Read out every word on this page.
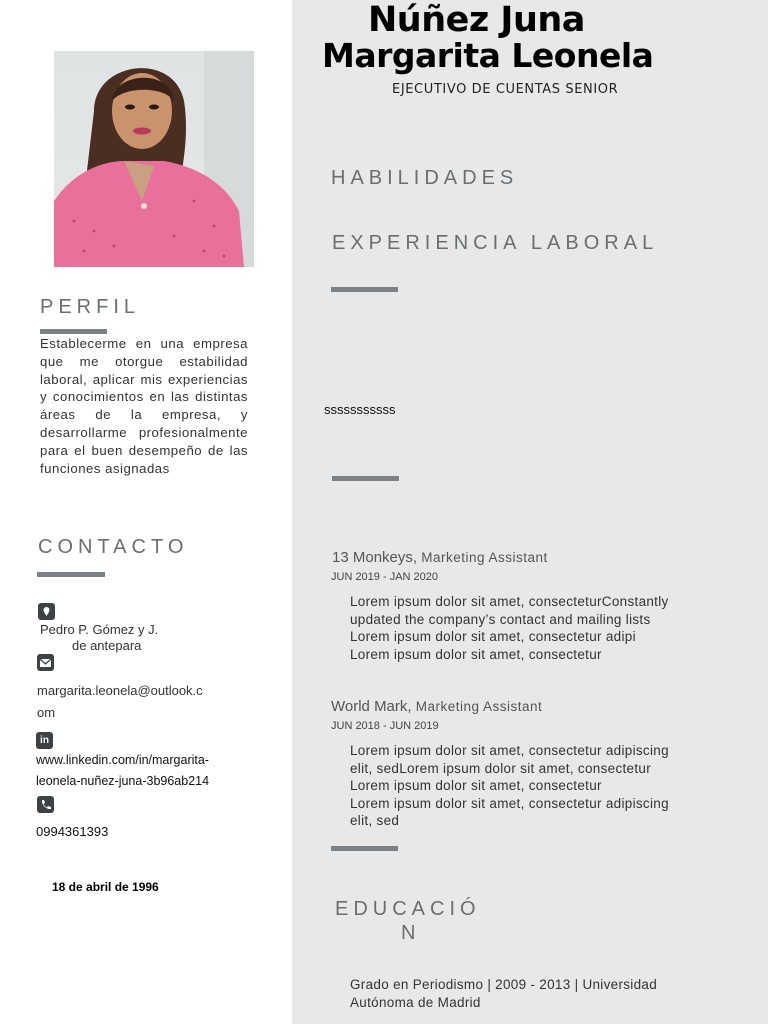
Núñez Juna
Margarita Leonela
EJECUTIVO DE CUENTAS SENIOR
PERFIL
Establecerme en una empresa que me otorgue estabilidad laboral, aplicar mis experiencias y conocimientos en las distintas áreas de la empresa, y desarrollarme profesionalmente para el buen desempeño de las funciones asignadas
CONTACTO
Pedro P. Gómez y J.
de antepara
margarita.leonela@outlook.c
om
in
www.linkedin.com/in/margarita-
leonela-nuñez-juna-3b96ab214
0994361393
18 de abril de 1996
HABILIDADES
EXPERIENCIA LABORAL
sssssssssss
13 Monkeys, Marketing Assistant
JUN 2019 - JAN 2020
Lorem ipsum dolor sit amet, consecteturConstantly
updated the company’s contact and mailing lists
Lorem ipsum dolor sit amet, consectetur adipi
Lorem ipsum dolor sit amet, consectetur
World Mark, Marketing Assistant
JUN 2018 - JUN 2019
Lorem ipsum dolor sit amet, consectetur adipiscing
elit, sedLorem ipsum dolor sit amet, consectetur
Lorem ipsum dolor sit amet, consectetur
Lorem ipsum dolor sit amet, consectetur adipiscing
elit, sed
EDUCACIÓ
N
Grado en Periodismo | 2009 - 2013 | Universidad
Autónoma de Madrid
